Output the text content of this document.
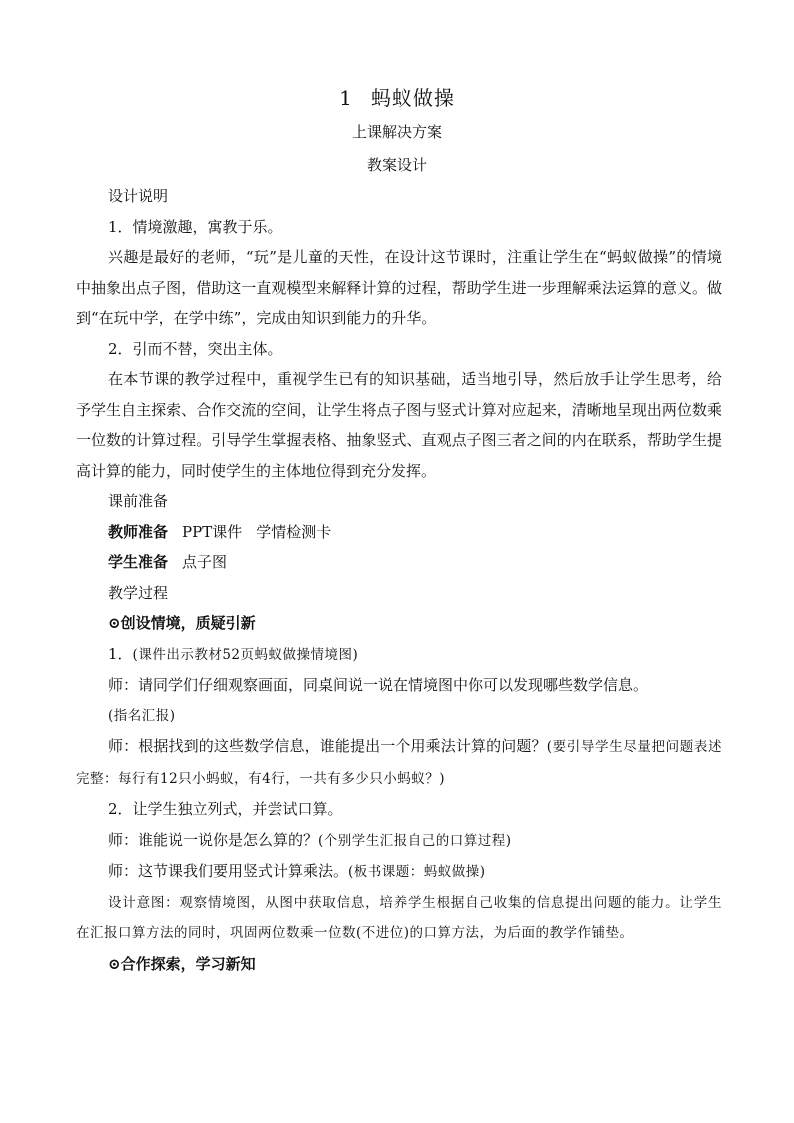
1 蚂蚁做操
上课解决方案
教案设计
设计说明
1．情境激趣，寓教于乐。
兴趣是最好的老师，“玩”是儿童的天性，在设计这节课时，注重让学生在“蚂蚁做操”的情境中抽象出点子图，借助这一直观模型来解释计算的过程，帮助学生进一步理解乘法运算的意义。做到“在玩中学，在学中练”，完成由知识到能力的升华。
2．引而不替，突出主体。
在本节课的教学过程中，重视学生已有的知识基础，适当地引导，然后放手让学生思考，给予学生自主探索、合作交流的空间，让学生将点子图与竖式计算对应起来，清晰地呈现出两位数乘一位数的计算过程。引导学生掌握表格、抽象竖式、直观点子图三者之间的内在联系，帮助学生提高计算的能力，同时使学生的主体地位得到充分发挥。
课前准备
教师准备 PPT课件 学情检测卡
学生准备 点子图
教学过程
⊙创设情境，质疑引新
1．(课件出示教材52页蚂蚁做操情境图)
师：请同学们仔细观察画面，同桌间说一说在情境图中你可以发现哪些数学信息。
(指名汇报)
师：根据找到的这些数学信息，谁能提出一个用乘法计算的问题？(要引导学生尽量把问题表述完整：每行有12只小蚂蚁，有4行，一共有多少只小蚂蚁？)
2．让学生独立列式，并尝试口算。
师：谁能说一说你是怎么算的？(个别学生汇报自己的口算过程)
师：这节课我们要用竖式计算乘法。(板书课题：蚂蚁做操)
设计意图：观察情境图，从图中获取信息，培养学生根据自己收集的信息提出问题的能力。让学生在汇报口算方法的同时，巩固两位数乘一位数(不进位)的口算方法，为后面的教学作铺垫。
⊙合作探索，学习新知
